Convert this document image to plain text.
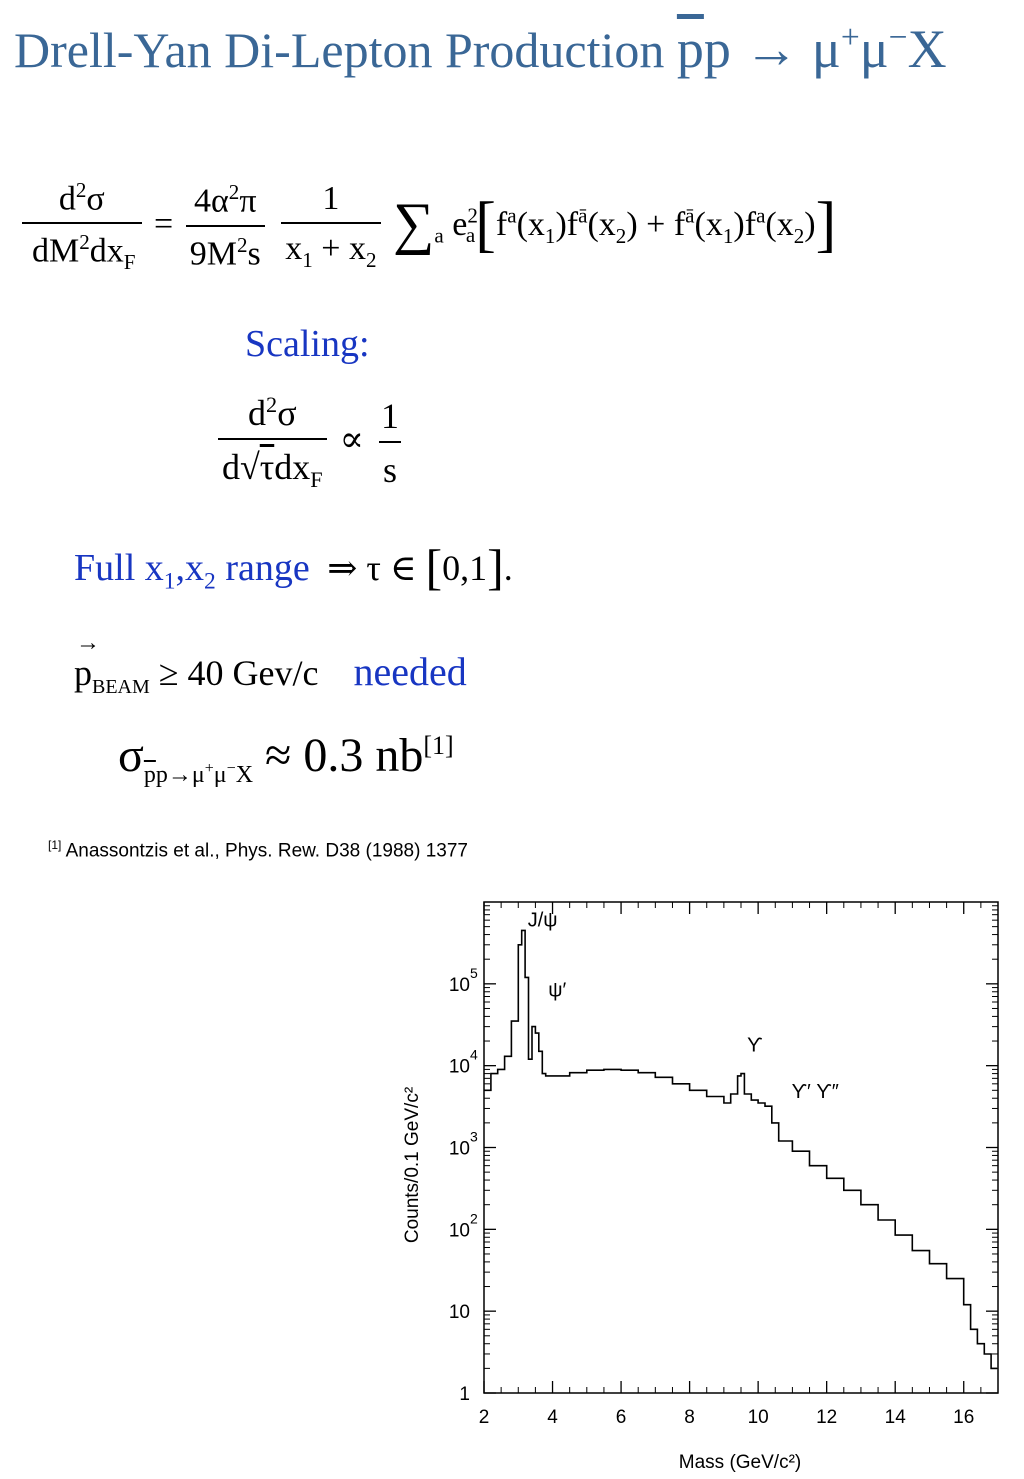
Drell-Yan Di-Lepton Production $\overline{p}p \to \mu^+\mu^-X$
$\frac{d^2\sigma}{dM^2dx_F} = \frac{4\alpha^2\pi}{9M^2s}$
$\frac{1}{x_1 + x_2} \sum_a$ $e^2_a[f^a(x_1)f^ā(x_2) + f^ā(x_1)f^a(x_2)]$
Scaling:
$\frac{d^2\sigma}{d√\tau dx_F} \propto \frac{1}{s}$
Full $x_1,x_2$ range ⇒ τ ∈ [0,1].
→
$p_{BEAM} \ge 40$ Gev/c needed
$\sigma_{\overline{p}p\to\mu^+\mu^-X} \approx 0.3$ nb[1]
[1] Anassontzis et al., Phys. Rew. D38 (1988) 1377
2	4	6	8	10 12 14 16
1
10
10
2
10
3
10
4
10
5
J/ψ
ψ′
ϒ
ϒ′ ϒ″
Mass (GeV/c²)
Counts/0.1 GeV/c²
